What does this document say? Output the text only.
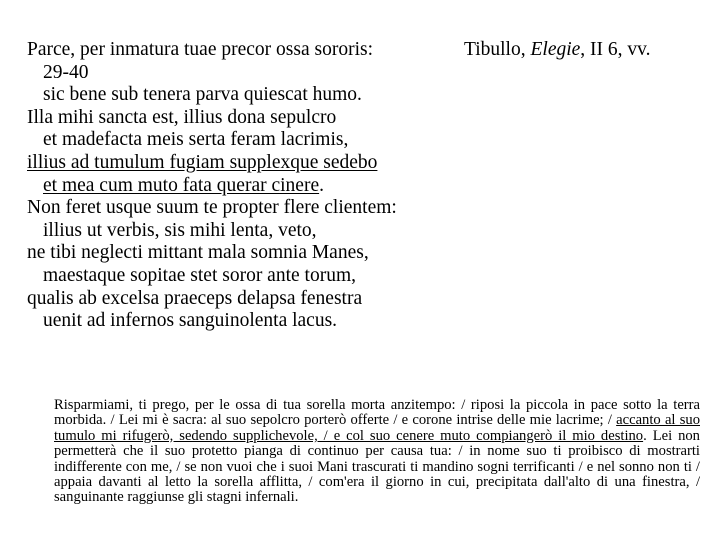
Tibullo, Elegie, II 6, vv.
Parce, per inmatura tuae precor ossa sororis:
29-40
sic bene sub tenera parva quiescat humo.
Illa mihi sancta est, illius dona sepulcro
et madefacta meis serta feram lacrimis,
illius ad tumulum fugiam supplexque sedebo
et mea cum muto fata querar cinere.
Non feret usque suum te propter flere clientem:
illius ut verbis, sis mihi lenta, veto,
ne tibi neglecti mittant mala somnia Manes,
maestaque sopitae stet soror ante torum,
qualis ab excelsa praeceps delapsa fenestra
uenit ad infernos sanguinolenta lacus.
Risparmiami, ti prego, per le ossa di tua sorella morta anzitempo: / riposi la piccola in pace sotto la terra morbida. / Lei mi è sacra: al suo sepolcro porterò offerte / e corone intrise delle mie lacrime; / accanto al suo tumulo mi rifugerò, sedendo supplichevole, / e col suo cenere muto compiangerò il mio destino. Lei non permetterà che il suo protetto pianga di continuo per causa tua: / in nome suo ti proibisco di mostrarti indifferente con me, / se non vuoi che i suoi Mani trascurati ti mandino sogni terrificanti / e nel sonno non ti / appaia davanti al letto la sorella afflitta, / com'era il giorno in cui, precipitata dall'alto di una finestra, / sanguinante raggiunse gli stagni infernali.
